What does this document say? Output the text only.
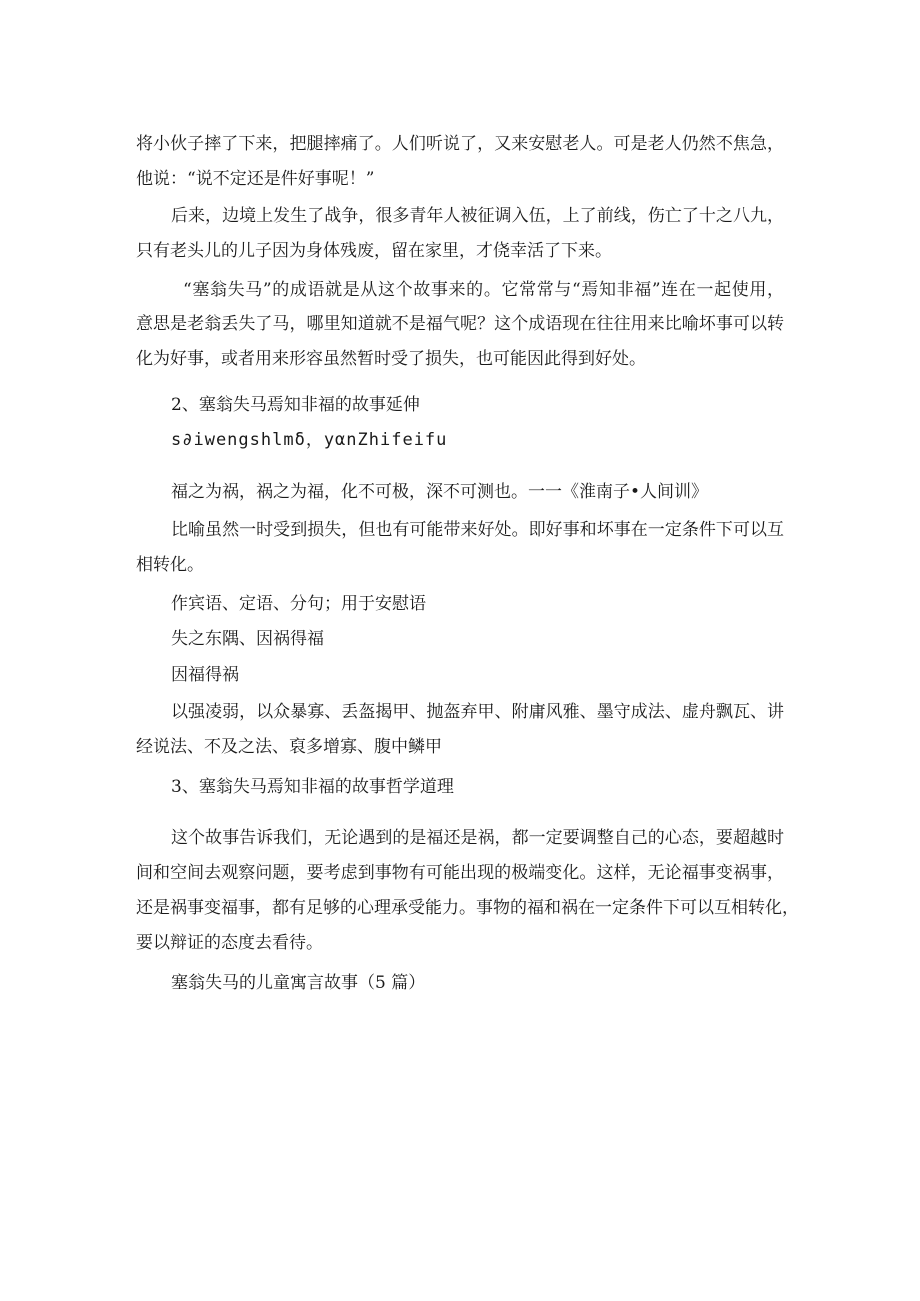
将小伙子摔了下来，把腿摔痛了。人们听说了，又来安慰老人。可是老人仍然不焦急，
他说：“说不定还是件好事呢！”
后来，边境上发生了战争，很多青年人被征调入伍，上了前线，伤亡了十之八九，
只有老头儿的儿子因为身体残废，留在家里，才侥幸活了下来。
“塞翁失马”的成语就是从这个故事来的。它常常与“焉知非福”连在一起使用，
意思是老翁丢失了马，哪里知道就不是福气呢？这个成语现在往往用来比喻坏事可以转
化为好事，或者用来形容虽然暂时受了损失，也可能因此得到好处。
2、塞翁失马焉知非福的故事延伸
s∂iwengshlmδ，yαnZhifeifu
福之为祸，祸之为福，化不可极，深不可测也。一一《淮南子•人间训》
比喻虽然一时受到损失，但也有可能带来好处。即好事和坏事在一定条件下可以互
相转化。
作宾语、定语、分句；用于安慰语
失之东隅、因祸得福
因福得祸
以强凌弱，以众暴寡、丢盔揭甲、抛盔弃甲、附庸风雅、墨守成法、虚舟飘瓦、讲
经说法、不及之法、裒多增寡、腹中鳞甲
3、塞翁失马焉知非福的故事哲学道理
这个故事告诉我们，无论遇到的是福还是祸，都一定要调整自己的心态，要超越时
间和空间去观察问题，要考虑到事物有可能出现的极端变化。这样，无论福事变祸事，
还是祸事变福事，都有足够的心理承受能力。事物的福和祸在一定条件下可以互相转化，
要以辩证的态度去看待。
塞翁失马的儿童寓言故事（5 篇）
